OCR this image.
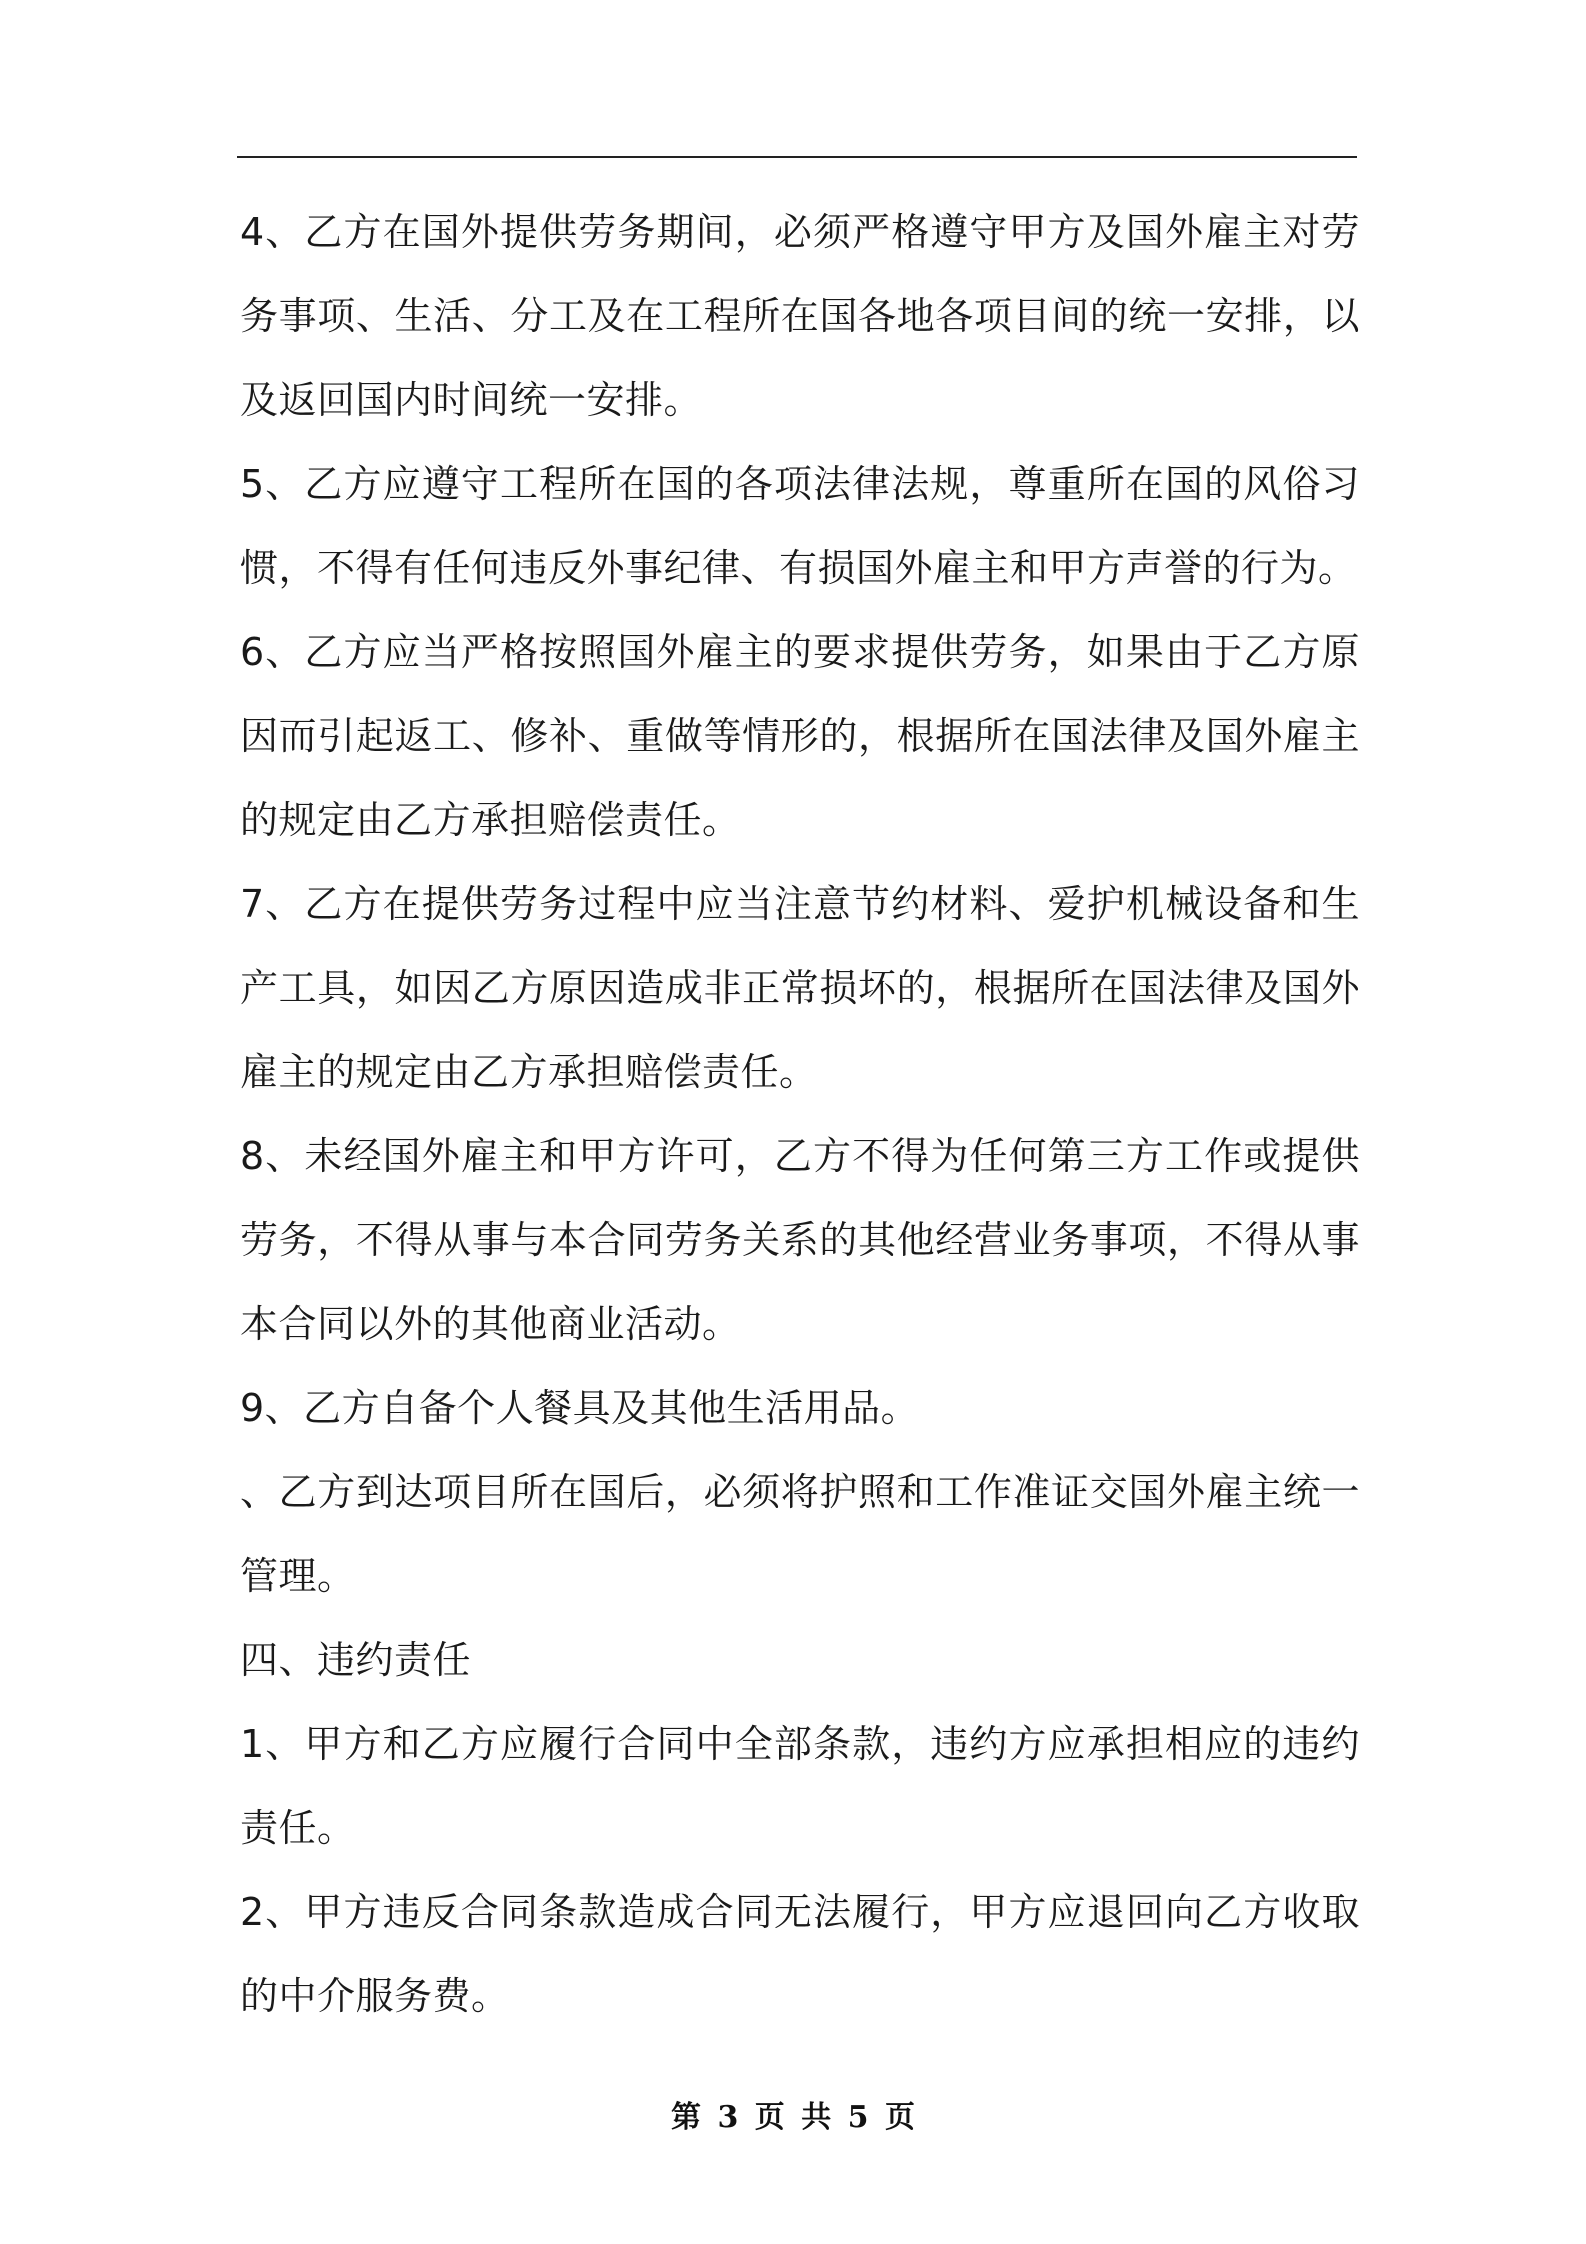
4、乙方在国外提供劳务期间，必须严格遵守甲方及国外雇主对劳务事项、生活、分工及在工程所在国各地各项目间的统一安排，以及返回国内时间统一安排。

5、乙方应遵守工程所在国的各项法律法规，尊重所在国的风俗习惯，不得有任何违反外事纪律、有损国外雇主和甲方声誉的行为。

6、乙方应当严格按照国外雇主的要求提供劳务，如果由于乙方原因而引起返工、修补、重做等情形的，根据所在国法律及国外雇主的规定由乙方承担赔偿责任。

7、乙方在提供劳务过程中应当注意节约材料、爱护机械设备和生产工具，如因乙方原因造成非正常损坏的，根据所在国法律及国外雇主的规定由乙方承担赔偿责任。

8、未经国外雇主和甲方许可，乙方不得为任何第三方工作或提供劳务，不得从事与本合同劳务关系的其他经营业务事项，不得从事本合同以外的其他商业活动。

9、乙方自备个人餐具及其他生活用品。

、乙方到达项目所在国后，必须将护照和工作准证交国外雇主统一管理。

四、违约责任

1、甲方和乙方应履行合同中全部条款，违约方应承担相应的违约责任。

2、甲方违反合同条款造成合同无法履行，甲方应退回向乙方收取的中介服务费。

第 3 页 共 5 页
